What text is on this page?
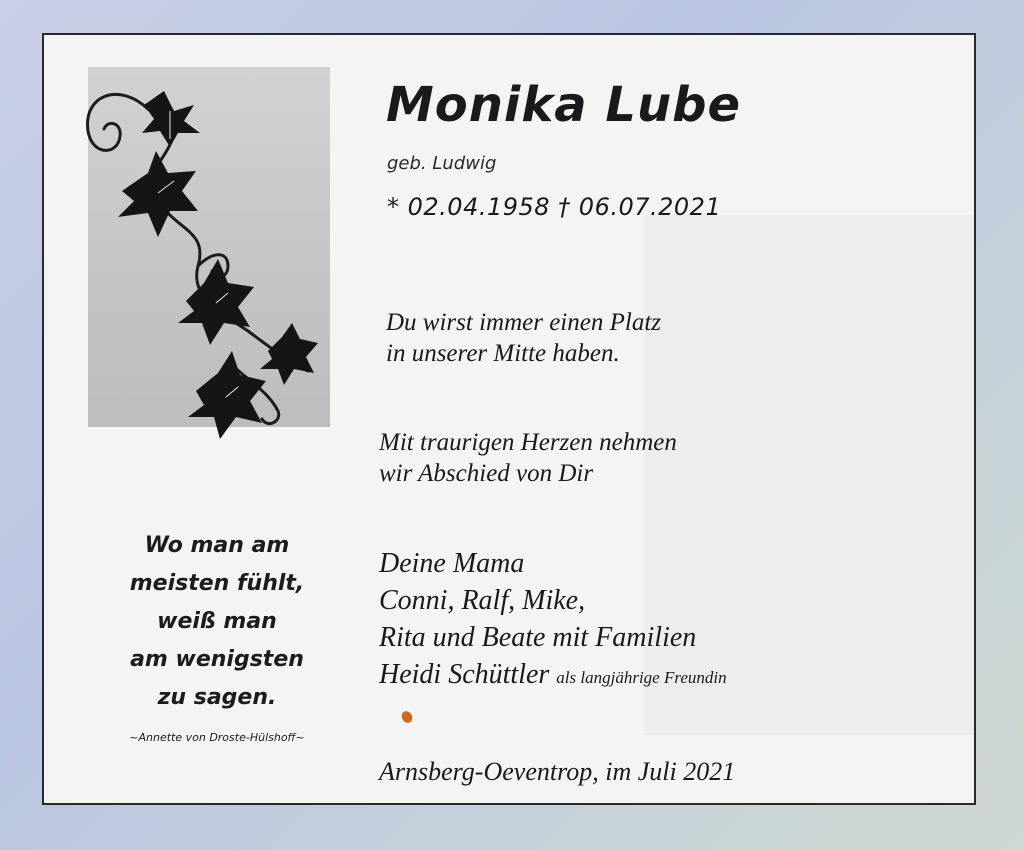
Monika Lube
geb. Ludwig
* 02.04.1958 † 06.07.2021
Du wirst immer einen Platz
in unserer Mitte haben.
Mit traurigen Herzen nehmen
wir Abschied von Dir
Deine Mama
Conni, Ralf, Mike,
Rita und Beate mit Familien
Heidi Schüttler als langjährige Freundin
Arnsberg-Oeventrop, im Juli 2021
Wo man am
meisten fühlt,
weiß man
am wenigsten
zu sagen.
~Annette von Droste-Hülshoff~
